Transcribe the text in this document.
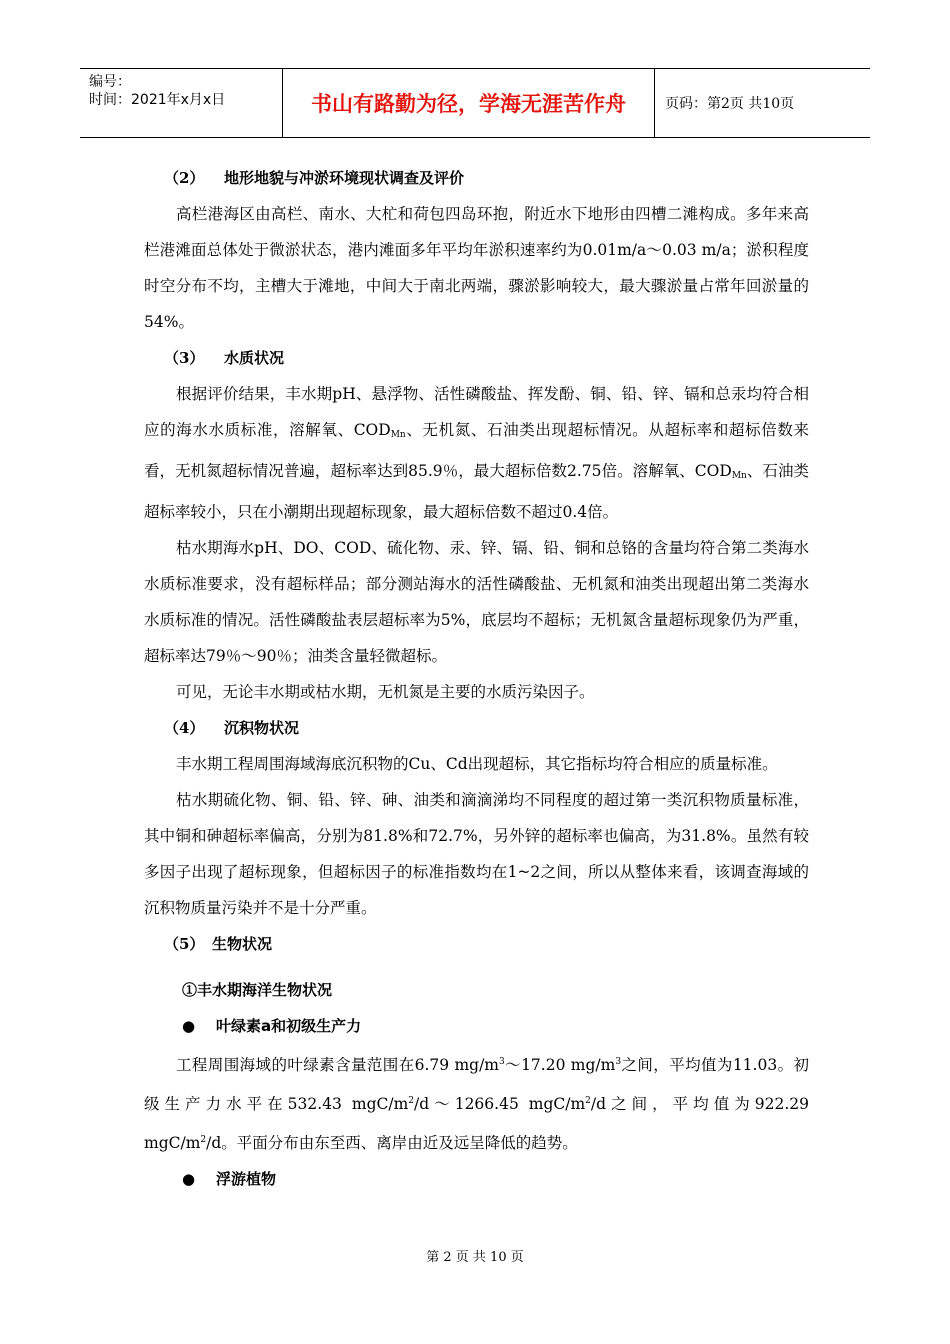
编号：
时间：2021年x月x日	书山有路勤为径，学海无涯苦作舟	页码：第2页 共10页
（2） 地形地貌与冲淤环境现状调查及评价

高栏港海区由高栏、南水、大杧和荷包四岛环抱，附近水下地形由四槽二滩构成。多年来高栏港滩面总体处于微淤状态，港内滩面多年平均年淤积速率约为0.01m/a～0.03 m/a；淤积程度时空分布不均，主槽大于滩地，中间大于南北两端，骤淤影响较大，最大骤淤量占常年回淤量的54%。

（3） 水质状况

根据评价结果，丰水期pH、悬浮物、活性磷酸盐、挥发酚、铜、铅、锌、镉和总汞均符合相应的海水水质标准，溶解氧、$COD_{Mn}$、无机氮、石油类出现超标情况。从超标率和超标倍数来看，无机氮超标情况普遍，超标率达到85.9％，最大超标倍数2.75倍。溶解氧、$COD_{Mn}$、石油类超标率较小，只在小潮期出现超标现象，最大超标倍数不超过0.4倍。

枯水期海水pH、DO、COD、硫化物、汞、锌、镉、铅、铜和总铬的含量均符合第二类海水水质标准要求，没有超标样品；部分测站海水的活性磷酸盐、无机氮和油类出现超出第二类海水水质标准的情况。活性磷酸盐表层超标率为5%，底层均不超标；无机氮含量超标现象仍为严重，超标率达79％～90％；油类含量轻微超标。

可见，无论丰水期或枯水期，无机氮是主要的水质污染因子。

（4） 沉积物状况

丰水期工程周围海域海底沉积物的Cu、Cd出现超标，其它指标均符合相应的质量标准。

枯水期硫化物、铜、铅、锌、砷、油类和滴滴涕均不同程度的超过第一类沉积物质量标准，其中铜和砷超标率偏高，分别为81.8%和72.7%，另外锌的超标率也偏高，为31.8%。虽然有较多因子出现了超标现象，但超标因子的标准指数均在1~2之间，所以从整体来看，该调查海域的沉积物质量污染并不是十分严重。

（5） 生物状况
①丰水期海洋生物状况
● 叶绿素a和初级生产力

工程周围海域的叶绿素含量范围在6.79 $mg/m^3\sim 17.20$ $mg/m^3$之间，平均值为11.03。初级生产力水平在532.43 mgC/$m^2/d\sim 1266.45$ mgC/$m^2/d$之间，平均值为922.29 mgC/$m^2/d$。平面分布由东至西、离岸由近及远呈降低的趋势。

● 浮游植物
第 2 页 共 10 页
